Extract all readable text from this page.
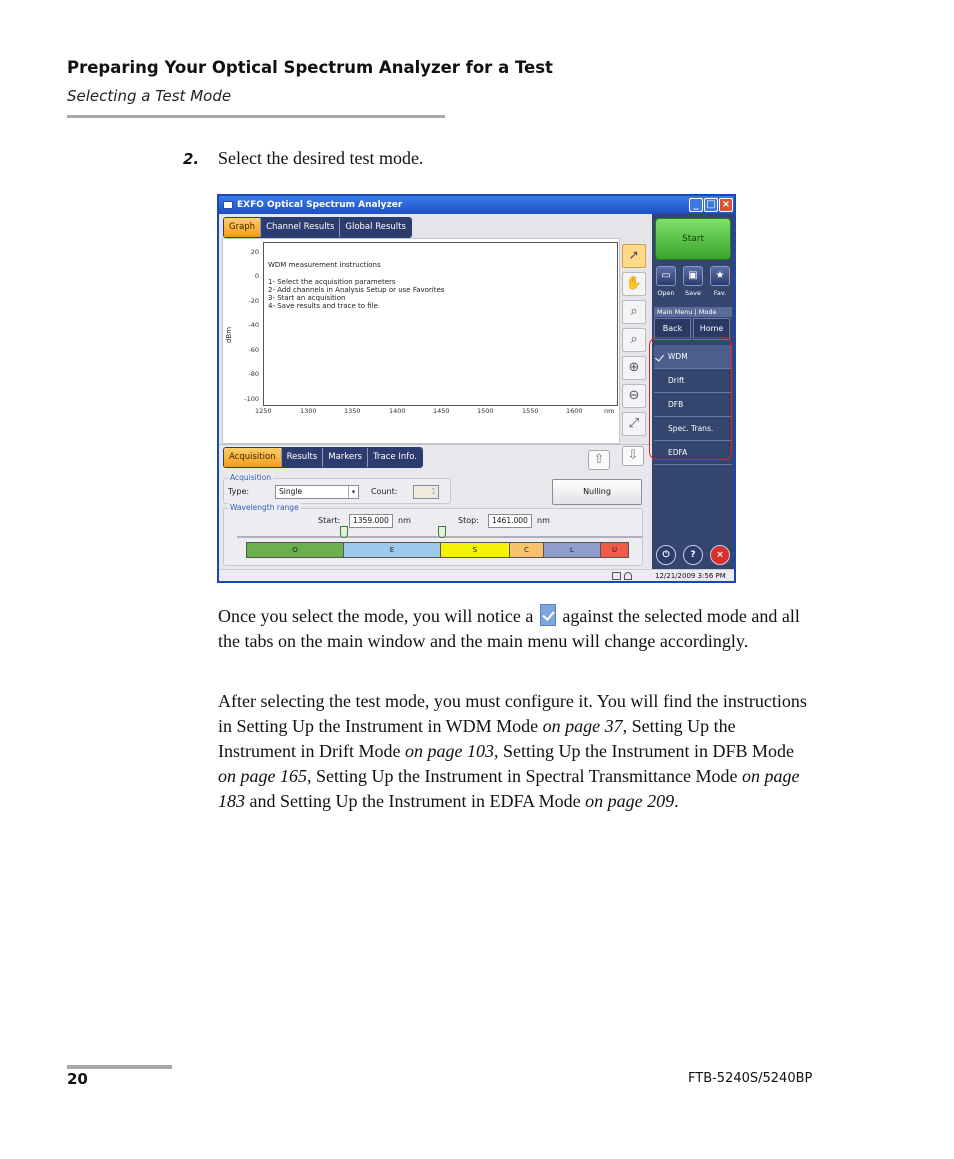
Preparing Your Optical Spectrum Analyzer for a Test
Selecting a Test Mode
2. Select the desired test mode.
EXFO Optical Spectrum Analyzer	_ □ ×
Graph	Channel Results	Global Results
dBm
20
0
-20
-40
-60
-80
-100
WDM measurement instructions
1- Select the acquisition parameters
2- Add channels in Analysis Setup or use Favorites
3- Start an acquisition
4- Save results and trace to file
1250	1300	1350	1400	1450	1500	1550	1600	nm
➚
✋
⌕
⌕
⊕
⊖
⤢
Acquisition	Results	Markers	Trace Info.	⇧	⇩
Acquisition
Type:	Single	▾	Count:	1	Nulling
Wavelength range
Start:	1359.000	nm	Stop:	1461.000	nm
O	E	S	C	L	U
Start
▭	▣	★
Open	Save	Fav.
Main Menu | Mode
Back	Home
WDM
Drift
DFB
Spec. Trans.
EDFA
⏻	?	×
12/21/2009 3:56 PM
Once you select the mode, you will notice a against the selected mode and all the tabs on the main window and the main menu will change accordingly.
After selecting the test mode, you must configure it. You will find the instructions in Setting Up the Instrument in WDM Mode on page 37, Setting Up the Instrument in Drift Mode on page 103, Setting Up the Instrument in DFB Mode on page 165, Setting Up the Instrument in Spectral Transmittance Mode on page 183 and Setting Up the Instrument in EDFA Mode on page 209.
20	FTB-5240S/5240BP
